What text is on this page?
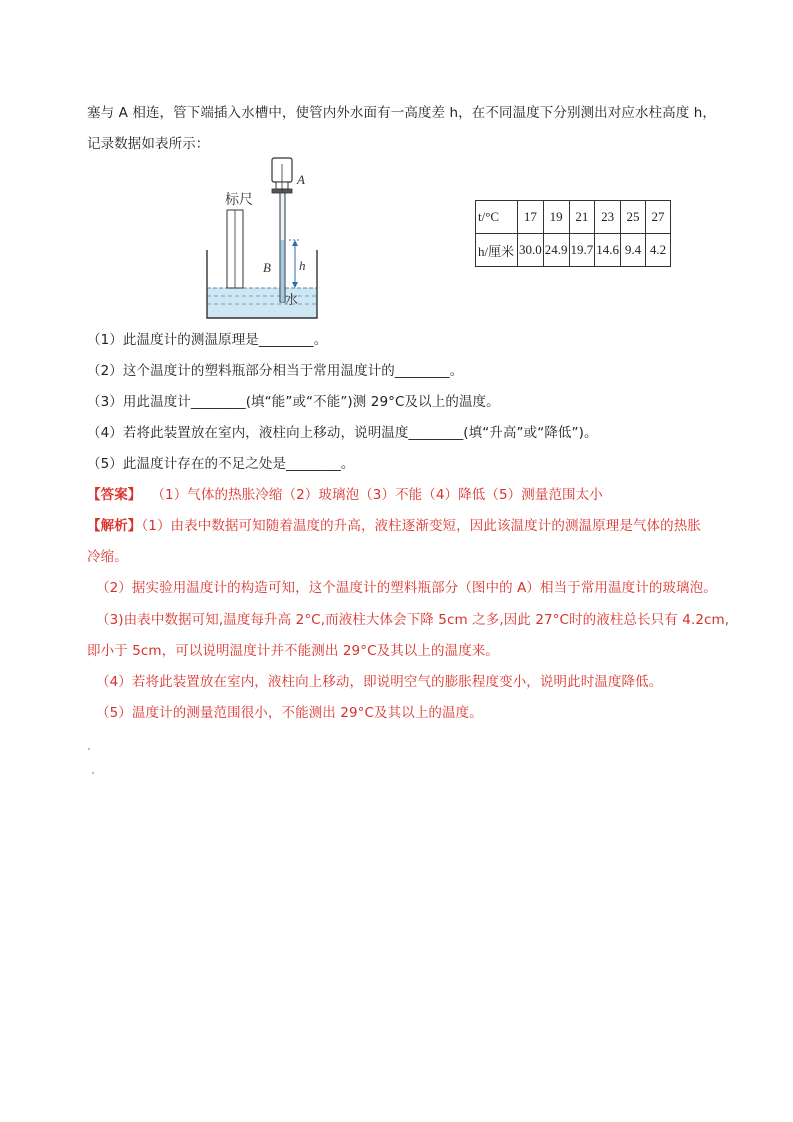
塞与 A 相连，管下端插入水槽中，使管内外水面有一高度差 h，在不同温度下分别测出对应水柱高度 h，
记录数据如表所示：
标尺
A
B h
水
t/°C	17	19	21	23	25	27
h/厘米	30.0	24.9	19.7	14.6	9.4	4.2
（1）此温度计的测温原理是________。
（2）这个温度计的塑料瓶部分相当于常用温度计的________。
（3）用此温度计________(填“能”或“不能”)测 29°C及以上的温度。
（4）若将此装置放在室内，液柱向上移动，说明温度________(填“升高”或“降低”)。
（5）此温度计存在的不足之处是________。
【答案】 （1）气体的热胀冷缩（2）玻璃泡（3）不能（4）降低（5）测量范围太小
【解析】（1）由表中数据可知随着温度的升高，液柱逐渐变短，因此该温度计的测温原理是气体的热胀
冷缩。
（2）据实验用温度计的构造可知，这个温度计的塑料瓶部分（图中的 A）相当于常用温度计的玻璃泡。
（3)由表中数据可知,温度每升高 2°C,而液柱大体会下降 5cm 之多,因此 27°C时的液柱总长只有 4.2cm,
即小于 5cm，可以说明温度计并不能测出 29°C及其以上的温度来。
（4）若将此装置放在室内，液柱向上移动，即说明空气的膨胀程度变小，说明此时温度降低。
（5）温度计的测量范围很小，不能测出 29°C及其以上的温度。
